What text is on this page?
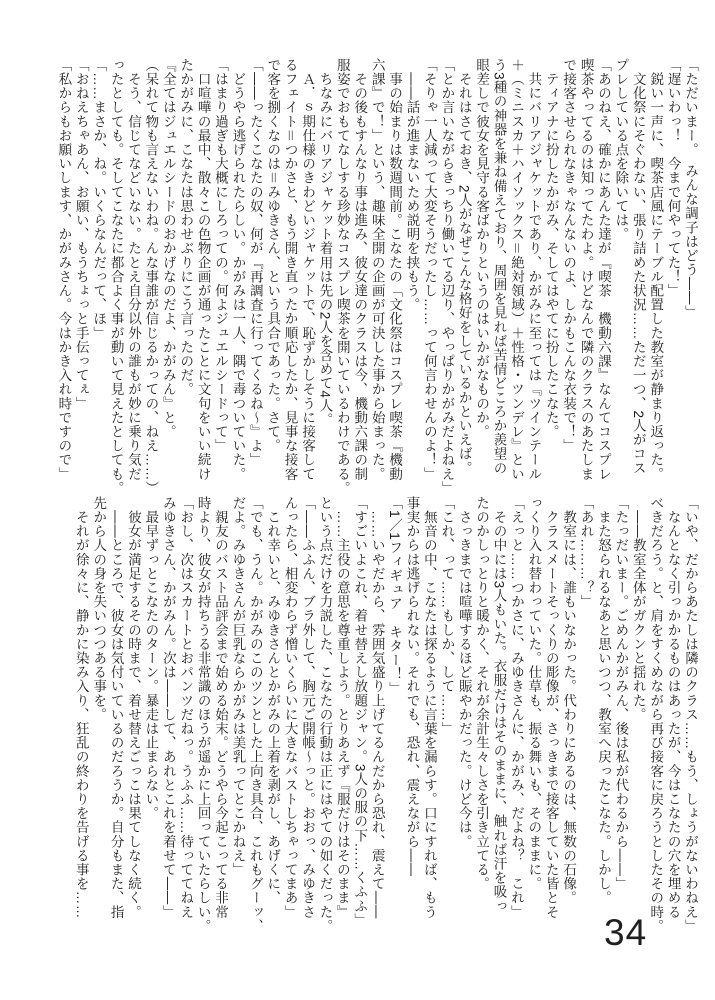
「ただいまー。　みんな調子はどう――」

「遅いわっ！　今まで何やってた！」

　鋭い一声に、喫茶店風にテーブル配置した教室が静まり返った。

　文化祭にそぐわない、張り詰めた状況……ただ一つ、2人がコス

プレしている点を除いては。

「あのねえ、確かにあんた達が『喫茶　機動六課』なんてコスプレ

喫茶やってるのは知ってたわよ。けどなんで隣のクラスのあたしま

で接客させられなきゃなんないのよ、しかもこんな衣装で！」

　ティアナに扮したかがみ、そしてはやてに扮したこなた。

　共にバリアジャケットであり、かがみに至っては『ツインテール

＋（ミニスカ＋ハイソックス＝絶対領域）＋性格・ツンデレ』とい

う3種の神器を兼ね備えており、周囲を見れば苦情どころか羨望の

眼差しで彼女を見守る客ばかりというのはいかがなものか。

　それはさておき、2人がなぜこんな格好をしているかといえば。

「とか言いながらきっちり働いてる辺り、やっぱりかがみだよねえ」

「そりゃ一人減って大変そうだったし……って何言わせんのよ！」

　――話が進まないため説明を挟もう。

　事の始まりは数週間前。こなたの「文化祭はコスプレ喫茶『機動

六課』で！」という、趣味全開の企画が可決した事から始まった。

　その後もすんなり事は進み、彼女達のクラスは今、機動六課の制

服姿でおもてなしする珍妙なコスプレ喫茶を開いているわけである。

　ちなみにバリアジャケット着用は先の2人を含めて4人。

　Ａ．ｓ期仕様のきわどいジャケットで、恥ずかしそうに接客して

るフェイト＝つかさと、もう開き直ったか順応したか、見事な接客

で客を捌くなのは＝みゆきさん、という具合であった。さて。

「――ったくこなたの奴、何が『再調査に行ってくるね～』よ」

　どうやら逃げられたらしい。かがみは一人、隅で毒ついていた。

「はまり過ぎも大概にしろっての。何よジュエルシードって」

　口喧嘩の最中、散々この色物企画が通ったことに文句をいい続け

たかがみに、こなたは思わせぶりにこう言ったのだ。

『全てはジュエルシードのおかげなのだよ、かがみん』と。

（呆れて物も言えないわね。んな事誰が信じるかっての、ねえ……）

　そう、信じてなどいない。たとえ自分以外の誰もが妙に乗り気だ

ったとしても。そしてこなたに都合よく事が動いて見えたとしても。

「……まさか、ね。いくらなんだって、ほ」

「おねえちゃあん、お願い、もうちょっと手伝ってぇ」

「私からもお願いします、かがみさん。今はかき入れ時ですので」

「いや、だからあたしは隣のクラス……もう、しょうがないわねえ」

　なんとなく引っかかるものはあったが、今はこなたの穴を埋める

べきだろう。と、肩をすくめながら再び接客に戻ろうとしたその時。

　――教室全体がガクンと揺れた。

「たっだいまー。ごめんかがみん、後は私が代わるから――」

　また怒られるなあと思いつつ、教室へ戻ったこなた。しかし。

「あれ………？」

　教室には、誰もいなかった。代わりにあるのは、無数の石像。

　クラスメートそっくりの彫像が、さっきまで接客していた皆とそ

っくり入れ替わっていた。仕草も、振る舞いも、そのままに。

「えっと……つかさに、みゆきさんに、かがみ、だよね？　これ」

　その中には3人もいた。衣服だけはそのままに、触れば汗を吸っ

たのかしっとりと暖かく、それが余計生々しさを引き立てる。

　さっきまでは喧嘩するほど賑やかだった。けど今は。

「これ、って……もしか、して……」

　無音の中、こなたは探るように言葉を漏らす。口にすれば、もう

事実からは逃げられない。それでも、恐れ、震えながら――

「1／1フィギュア　キター！」

　……いやだから、雰囲気盛り上げてるんだから恐れ、震えて――

「すごいよこれ、着せ替えし放題ジャン。3人の服の下……くふふ」

　……主役の意思を尊重しよう。とりあえず『服だけはそのまま』

という点だけを力説した、こなたの行動は正にはやての如くだった。

「――ふふん、ブラ外して、胸元ご開帳～っと。おおっ、みゆきさ

んったら、相変わらず憎いくらいに大きなバストしちゃってまあ」

　これ幸いと、みゆきさんとかがみの上着を剥がし、あげくに、

「でも、うん。かがみのこのツンとした上向き具合、これもグーッ、

だよ。みゆきさんが巨乳ならかがみは美乳ってとこかねえ」

　親友のバスト品評会まで始める始末。どうやら今起こってる非常

時より、彼女が持ちうる非常識のほうが遥かに上回っていたらしい。

「おし、次はスカートとおパンツだねっ。うふふ……待っててねえ

みゆきさん、かがみん。次は――して、あれとこれを着せて――」

　最早ずっとこなたのターン。暴走は止まらない。

　彼女が満足するその時まで、着せ替えごっこは果てしなく続く。

　――ところで、彼女は気付いているのだろうか。自分もまた、指

先から人の身を失いつつある事を。

　それが徐々に、静かに染み入り、狂乱の終わりを告げる事を……

34
